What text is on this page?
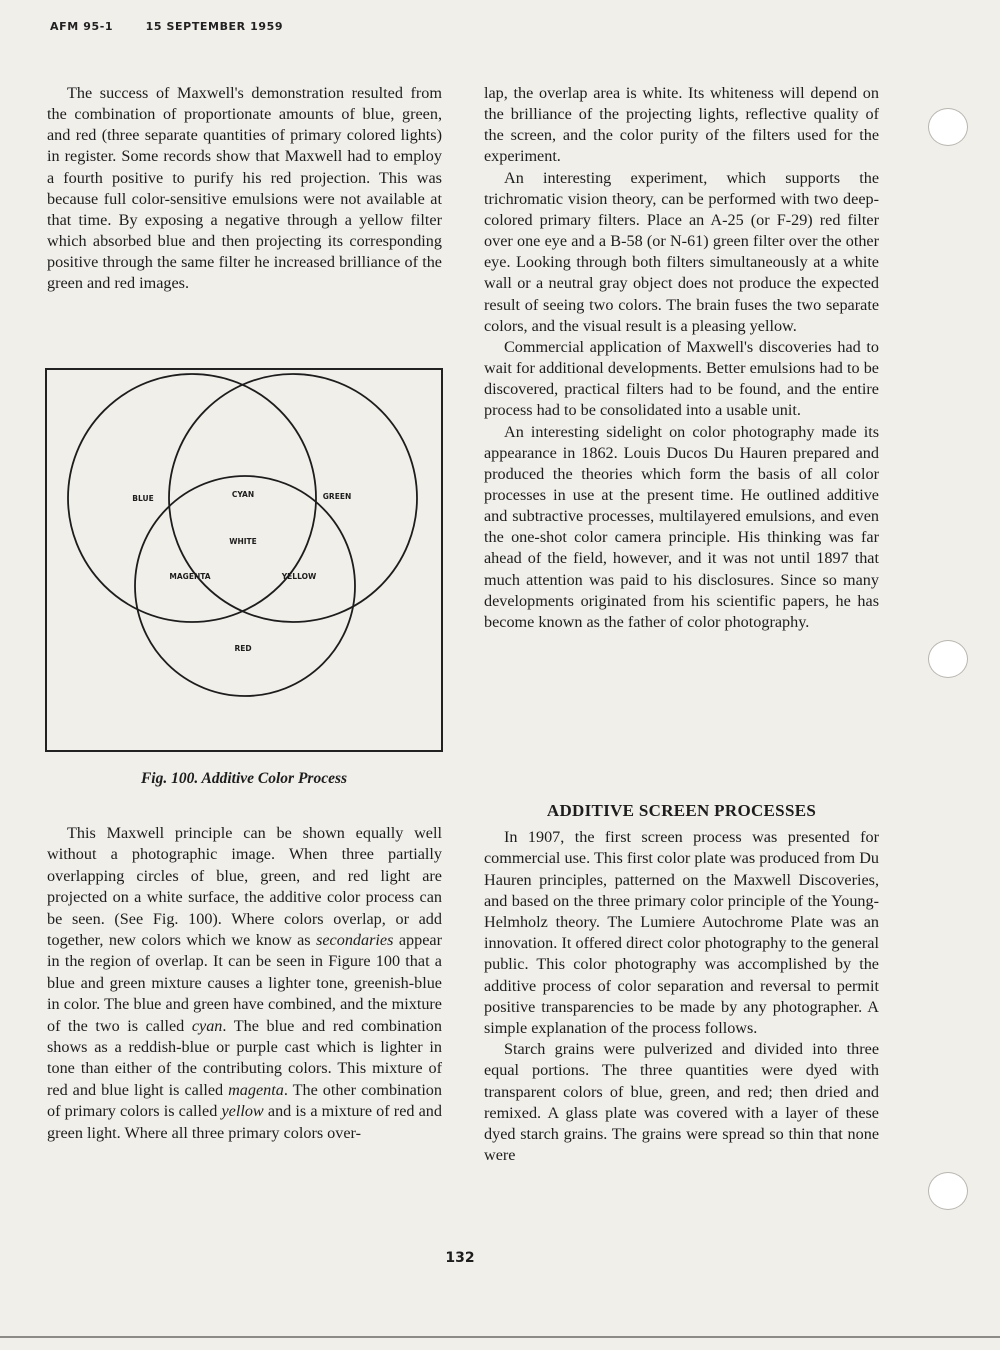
AFM 95-1	15 SEPTEMBER 1959

The success of Maxwell's demonstration resulted from the combination of proportionate amounts of blue, green, and red (three separate quantities of primary colored lights) in register. Some records show that Maxwell had to employ a fourth positive to purify his red projection. This was because full color-sensitive emulsions were not available at that time. By exposing a negative through a yellow filter which absorbed blue and then projecting its corresponding positive through the same filter he increased brilliance of the green and red images.

BLUE	CYAN	GREEN
WHITE
MAGENTA	YELLOW
RED
Fig. 100. Additive Color Process

This Maxwell principle can be shown equally well without a photographic image. When three partially overlapping circles of blue, green, and red light are projected on a white surface, the additive color process can be seen. (See Fig. 100). Where colors overlap, or add together, new colors which we know as secondaries appear in the region of overlap. It can be seen in Figure 100 that a blue and green mixture causes a lighter tone, greenish-blue in color. The blue and green have combined, and the mixture of the two is called cyan. The blue and red combination shows as a reddish-blue or purple cast which is lighter in tone than either of the contributing colors. This mixture of red and blue light is called magenta. The other combination of primary colors is called yellow and is a mixture of red and green light. Where all three primary colors over-

lap, the overlap area is white. Its whiteness will depend on the brilliance of the projecting lights, reflective quality of the screen, and the color purity of the filters used for the experiment.

An interesting experiment, which supports the trichromatic vision theory, can be performed with two deep-colored primary filters. Place an A-25 (or F-29) red filter over one eye and a B-58 (or N-61) green filter over the other eye. Looking through both filters simultaneously at a white wall or a neutral gray object does not produce the expected result of seeing two colors. The brain fuses the two separate colors, and the visual result is a pleasing yellow.

Commercial application of Maxwell's discoveries had to wait for additional developments. Better emulsions had to be discovered, practical filters had to be found, and the entire process had to be consolidated into a usable unit.

An interesting sidelight on color photography made its appearance in 1862. Louis Ducos Du Hauren prepared and produced the theories which form the basis of all color processes in use at the present time. He outlined additive and subtractive processes, multilayered emulsions, and even the one-shot color camera principle. His thinking was far ahead of the field, however, and it was not until 1897 that much attention was paid to his disclosures. Since so many developments originated from his scientific papers, he has become known as the father of color photography.

ADDITIVE SCREEN PROCESSES

In 1907, the first screen process was presented for commercial use. This first color plate was produced from Du Hauren principles, patterned on the Maxwell Discoveries, and based on the three primary color principle of the Young-Helmholz theory. The Lumiere Autochrome Plate was an innovation. It offered direct color photography to the general public. This color photography was accomplished by the additive process of color separation and reversal to permit positive transparencies to be made by any photographer. A simple explanation of the process follows.

Starch grains were pulverized and divided into three equal portions. The three quantities were dyed with transparent colors of blue, green, and red; then dried and remixed. A glass plate was covered with a layer of these dyed starch grains. The grains were spread so thin that none were

132
